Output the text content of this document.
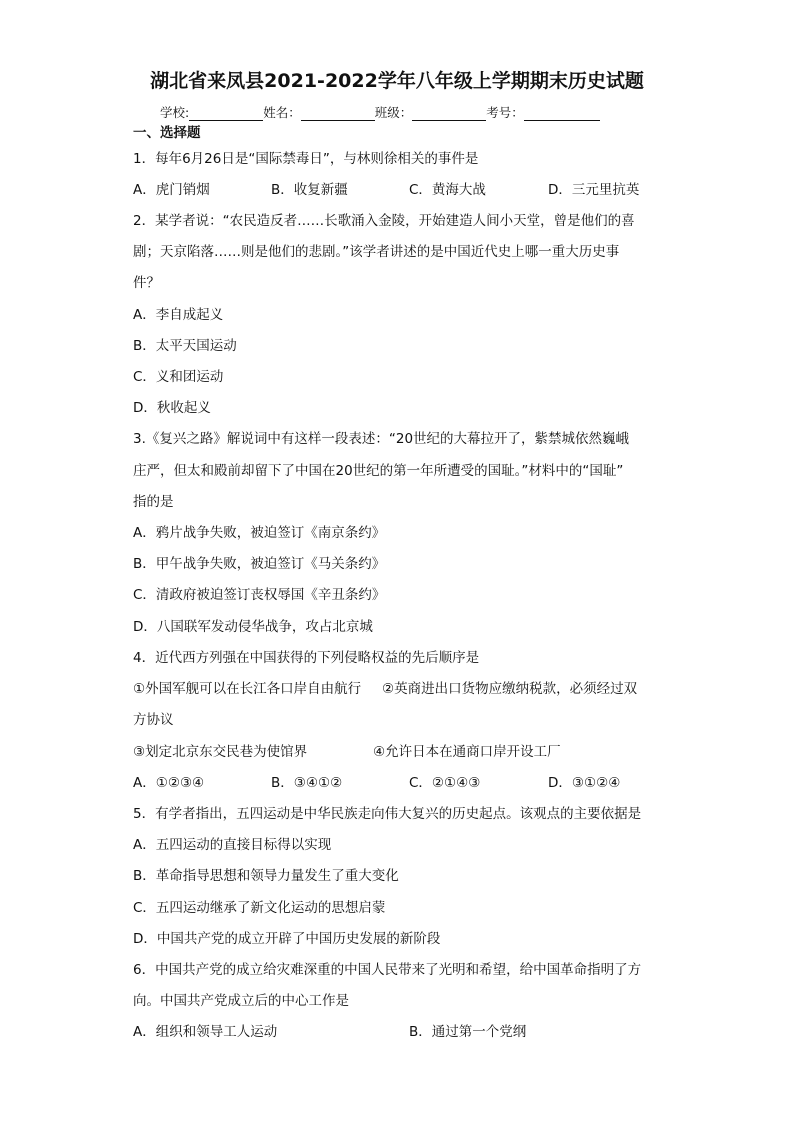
湖北省来凤县2021-2022学年八年级上学期期末历史试题
学校:	姓名：	班级：	考号：
一、选择题
1．每年6月26日是“国际禁毒日”，与林则徐相关的事件是
A．虎门销烟	B．收复新疆	C．黄海大战	D．三元里抗英
2．某学者说：“农民造反者……长歌涌入金陵，开始建造人间小天堂，曾是他们的喜
剧；天京陷落……则是他们的悲剧。”该学者讲述的是中国近代史上哪一重大历史事
件？
A．李自成起义
B．太平天国运动
C．义和团运动
D．秋收起义
3.《复兴之路》解说词中有这样一段表述：“20世纪的大幕拉开了，紫禁城依然巍峨
庄严，但太和殿前却留下了中国在20世纪的第一年所遭受的国耻。”材料中的“国耻”
指的是
A．鸦片战争失败，被迫签订《南京条约》
B．甲午战争失败，被迫签订《马关条约》
C．清政府被迫签订丧权辱国《辛丑条约》
D．八国联军发动侵华战争，攻占北京城
4．近代西方列强在中国获得的下列侵略权益的先后顺序是
①外国军舰可以在长江各口岸自由航行 ②英商进出口货物应缴纳税款，必须经过双
方协议
③划定北京东交民巷为使馆界	④允许日本在通商口岸开设工厂
A．①②③④	B．③④①②	C．②①④③	D．③①②④
5．有学者指出，五四运动是中华民族走向伟大复兴的历史起点。该观点的主要依据是
A．五四运动的直接目标得以实现
B．革命指导思想和领导力量发生了重大变化
C．五四运动继承了新文化运动的思想启蒙
D．中国共产党的成立开辟了中国历史发展的新阶段
6．中国共产党的成立给灾难深重的中国人民带来了光明和希望，给中国革命指明了方
向。中国共产党成立后的中心工作是
A．组织和领导工人运动	B．通过第一个党纲
